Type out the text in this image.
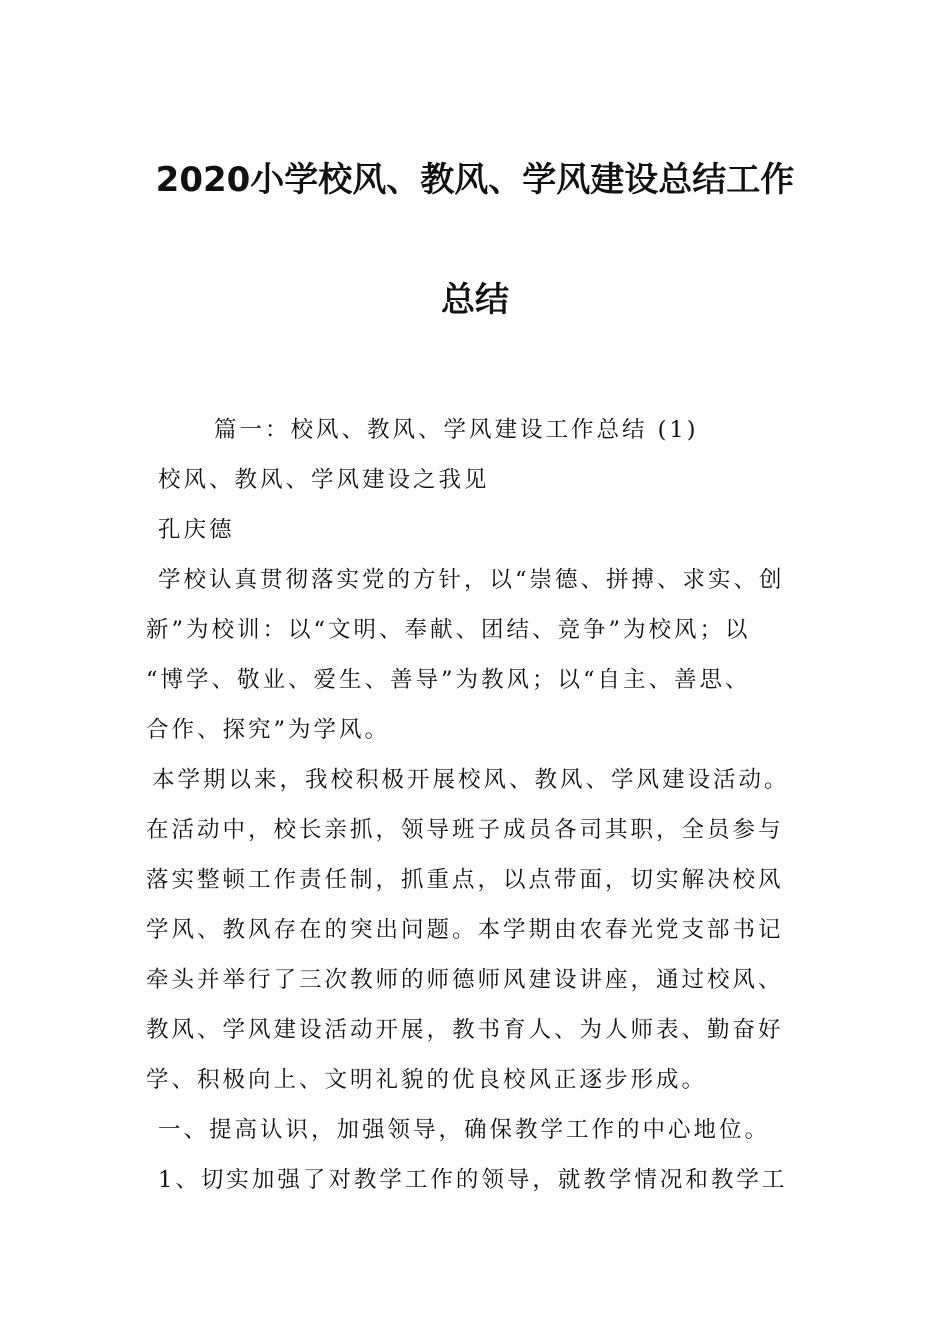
2020小学校风、教风、学风建设总结工作
总结
篇一：校风、教风、学风建设工作总结 (1)
校风、教风、学风建设之我见
孔庆德
学校认真贯彻落实党的方针，以“崇德、拼搏、求实、创
新”为校训：以“文明、奉献、团结、竞争”为校风；以
“博学、敬业、爱生、善导”为教风；以“自主、善思、
合作、探究”为学风。
本学期以来，我校积极开展校风、教风、学风建设活动。
在活动中，校长亲抓，领导班子成员各司其职，全员参与
落实整顿工作责任制，抓重点，以点带面，切实解决校风
学风、教风存在的突出问题。本学期由农春光党支部书记
牵头并举行了三次教师的师德师风建设讲座，通过校风、
教风、学风建设活动开展，教书育人、为人师表、勤奋好
学、积极向上、文明礼貌的优良校风正逐步形成。
一、提高认识，加强领导，确保教学工作的中心地位。
1、切实加强了对教学工作的领导，就教学情况和教学工
